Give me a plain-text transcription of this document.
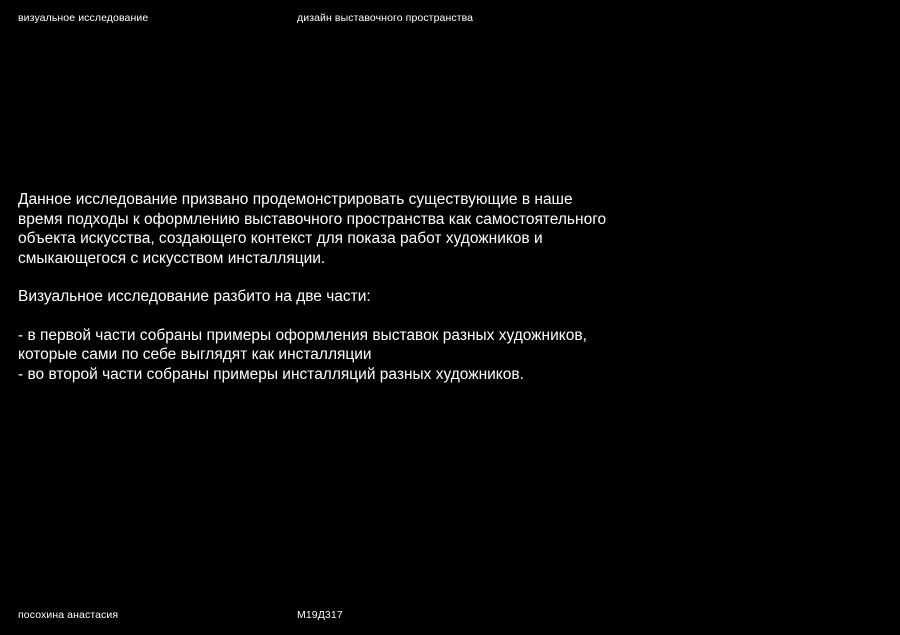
визуальное исследование	дизайн выставочного пространства

Данное исследование призвано продемонстрировать существующие в наше время подходы к оформлению выставочного пространства как самостоятельного объекта искусства, создающего контекст для показа работ художников и смыкающегося с искусством инсталляции.

Визуальное исследование разбито на две части:

- в первой части собраны примеры оформления выставок разных художников, которые сами по себе выглядят как инсталляции

- во второй части собраны примеры инсталляций разных художников.

посохина анастасия	М19Д317
